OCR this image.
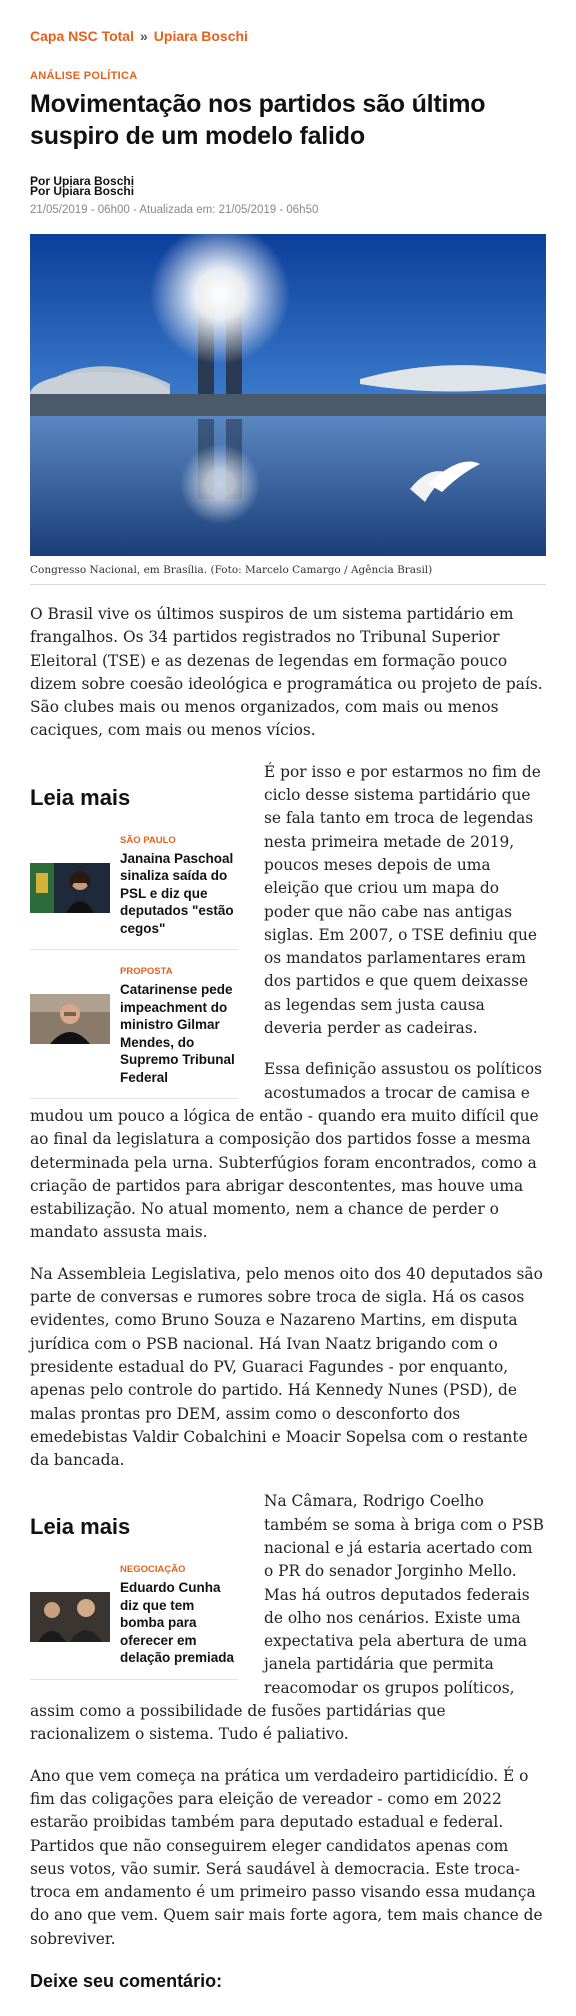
Capa NSC Total » Upiara Boschi
ANÁLISE POLÍTICA
Movimentação nos partidos são último suspiro de um modelo falido
Por Upiara Boschi
Por Upiara Boschi
21/05/2019 - 06h00 - Atualizada em: 21/05/2019 - 06h50
Congresso Nacional, em Brasília. (Foto: Marcelo Camargo / Agência Brasil)

O Brasil vive os últimos suspiros de um sistema partidário em frangalhos. Os 34 partidos registrados no Tribunal Superior Eleitoral (TSE) e as dezenas de legendas em formação pouco dizem sobre coesão ideológica e programática ou projeto de país. São clubes mais ou menos organizados, com mais ou menos caciques, com mais ou menos vícios.

Leia mais
SÃO PAULO
Janaina Paschoal sinaliza saída do PSL e diz que deputados "estão cegos"
PROPOSTA
Catarinense pede impeachment do ministro Gilmar Mendes, do Supremo Tribunal Federal

É por isso e por estarmos no fim de ciclo desse sistema partidário que se fala tanto em troca de legendas nesta primeira metade de 2019, poucos meses depois de uma eleição que criou um mapa do poder que não cabe nas antigas siglas. Em 2007, o TSE definiu que os mandatos parlamentares eram dos partidos e que quem deixasse as legendas sem justa causa deveria perder as cadeiras.

Essa definição assustou os políticos acostumados a trocar de camisa e mudou um pouco a lógica de então - quando era muito difícil que ao final da legislatura a composição dos partidos fosse a mesma determinada pela urna. Subterfúgios foram encontrados, como a criação de partidos para abrigar descontentes, mas houve uma estabilização. No atual momento, nem a chance de perder o mandato assusta mais.

Na Assembleia Legislativa, pelo menos oito dos 40 deputados são parte de conversas e rumores sobre troca de sigla. Há os casos evidentes, como Bruno Souza e Nazareno Martins, em disputa jurídica com o PSB nacional. Há Ivan Naatz brigando com o presidente estadual do PV, Guaraci Fagundes - por enquanto, apenas pelo controle do partido. Há Kennedy Nunes (PSD), de malas prontas pro DEM, assim como o desconforto dos emedebistas Valdir Cobalchini e Moacir Sopelsa com o restante da bancada.

Leia mais
NEGOCIAÇÃO
Eduardo Cunha diz que tem bomba para oferecer em delação premiada

Na Câmara, Rodrigo Coelho também se soma à briga com o PSB nacional e já estaria acertado com o PR do senador Jorginho Mello. Mas há outros deputados federais de olho nos cenários. Existe uma expectativa pela abertura de uma janela partidária que permita reacomodar os grupos políticos, assim como a possibilidade de fusões partidárias que racionalizem o sistema. Tudo é paliativo.

Ano que vem começa na prática um verdadeiro partidicídio. É o fim das coligações para eleição de vereador - como em 2022 estarão proibidas também para deputado estadual e federal. Partidos que não conseguirem eleger candidatos apenas com seus votos, vão sumir. Será saudável à democracia. Este troca-troca em andamento é um primeiro passo visando essa mudança do ano que vem. Quem sair mais forte agora, tem mais chance de sobreviver.

Deixe seu comentário:
